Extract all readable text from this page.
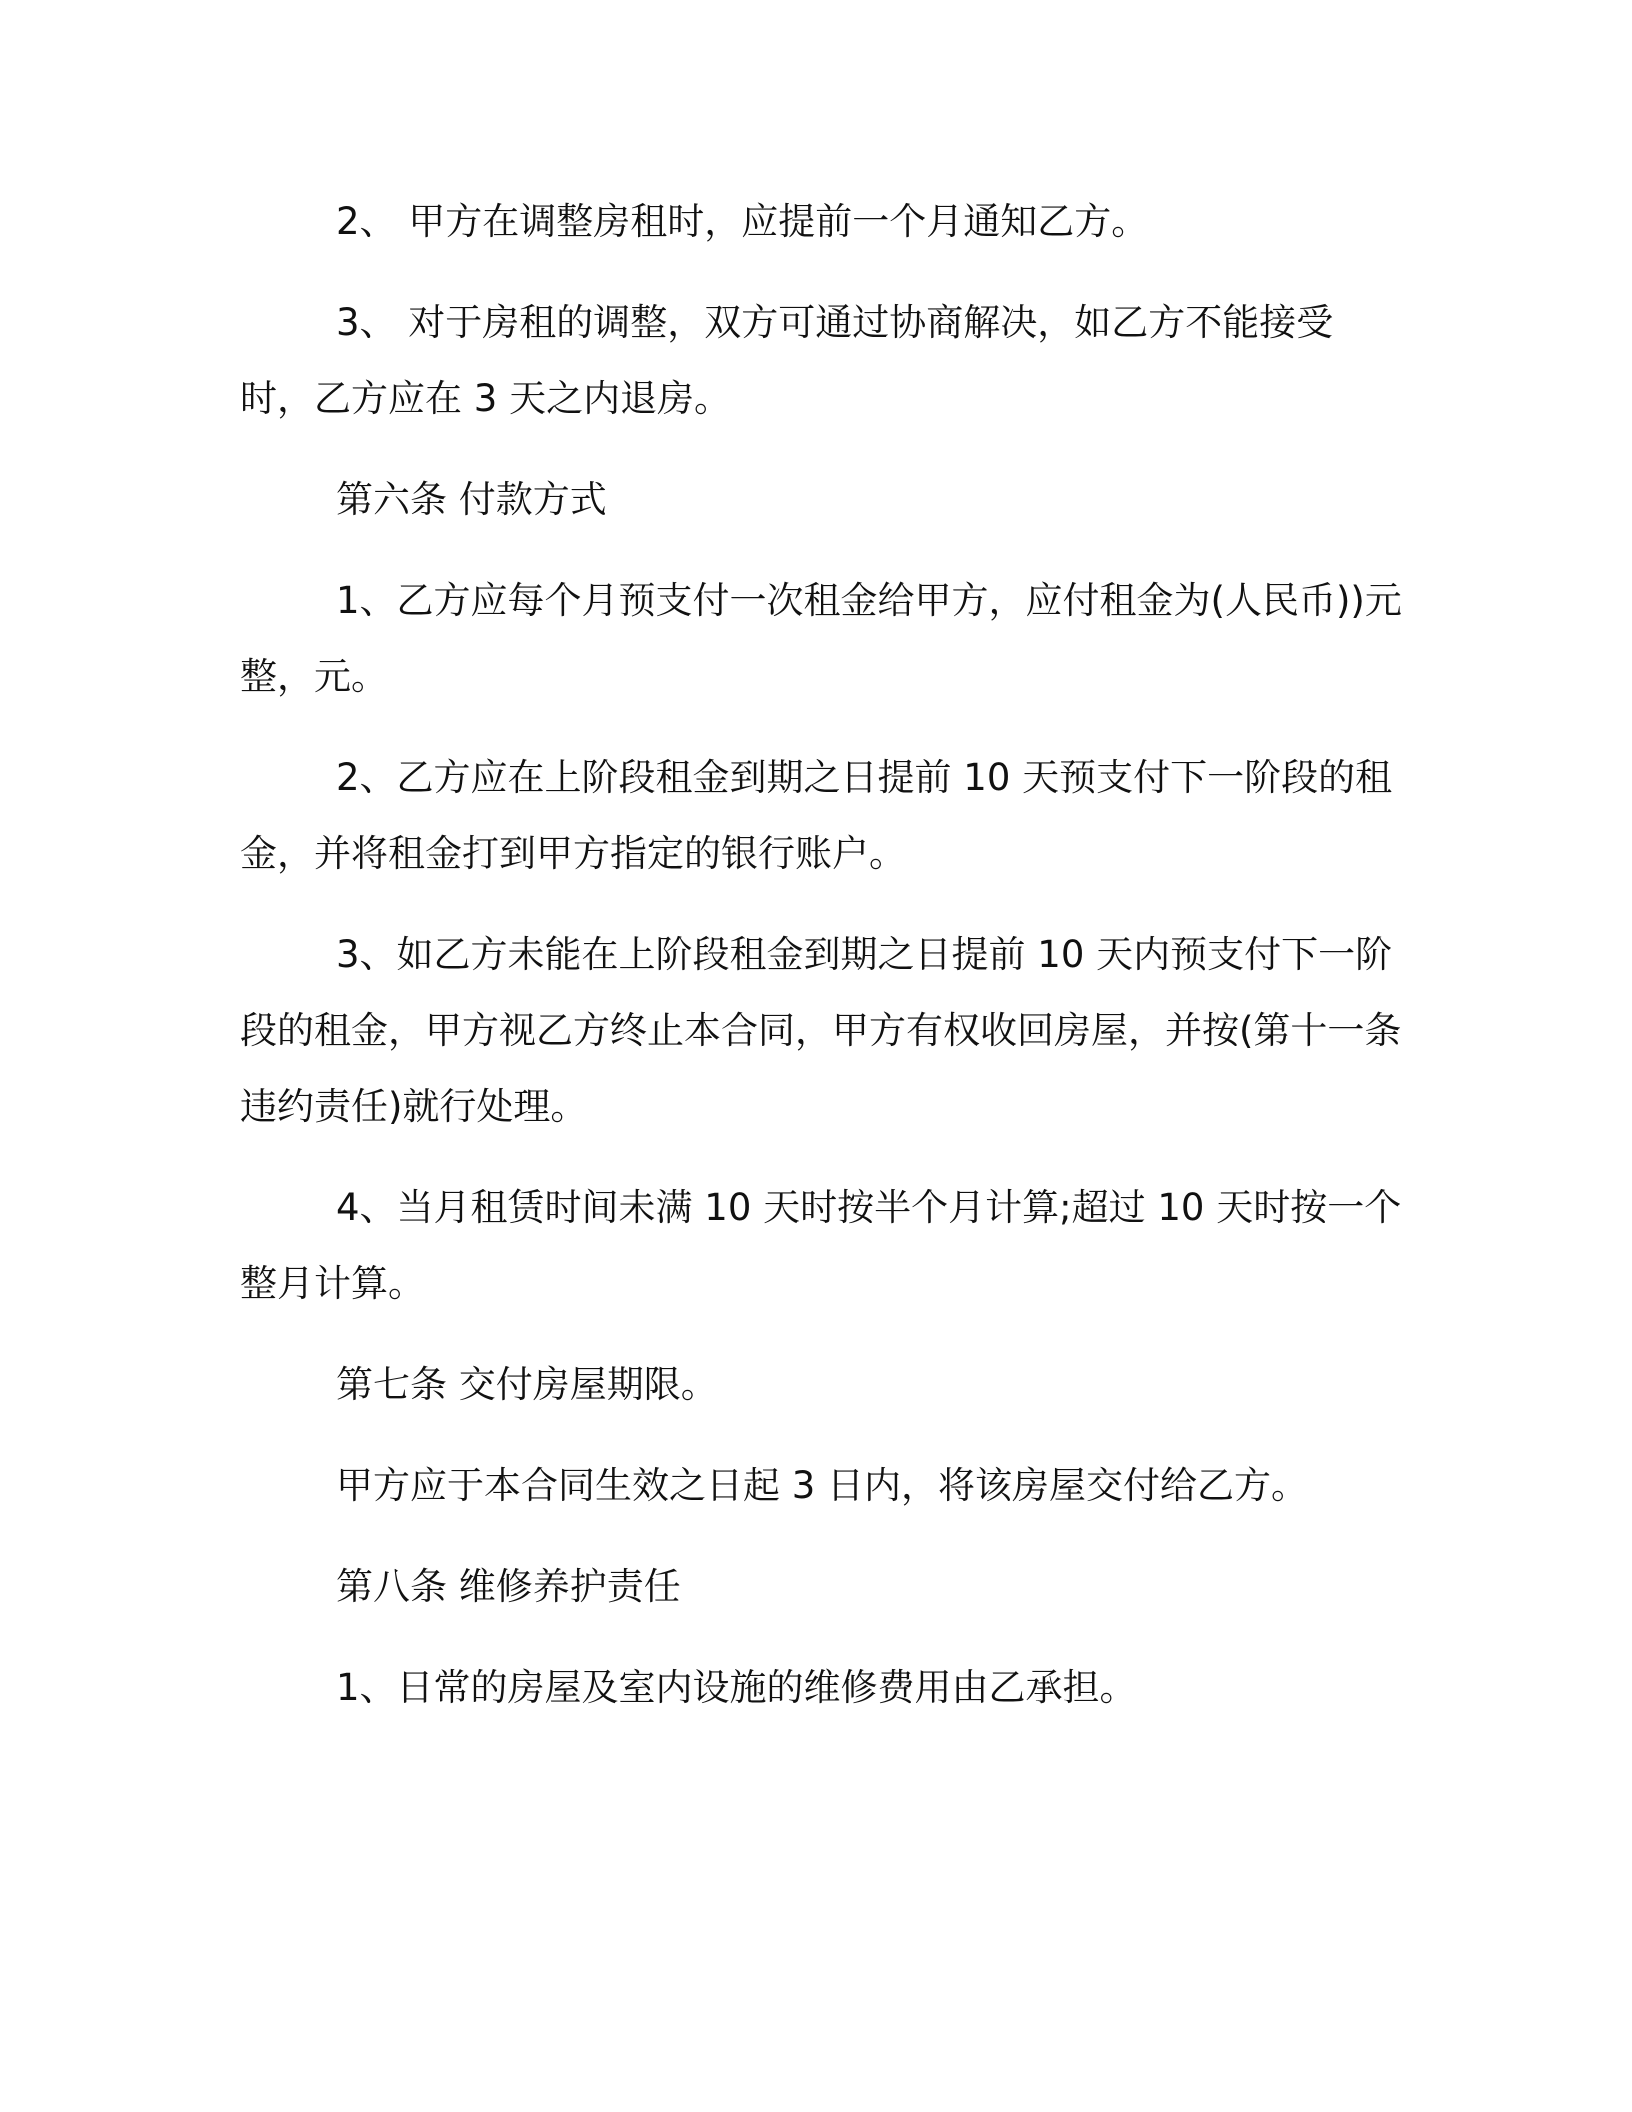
2、 甲方在调整房租时，应提前一个月通知乙方。

3、 对于房租的调整，双方可通过协商解决，如乙方不能接受时，乙方应在 3 天之内退房。

第六条 付款方式

1、乙方应每个月预支付一次租金给甲方，应付租金为(人民币))元整，元。

2、乙方应在上阶段租金到期之日提前 10 天预支付下一阶段的租金，并将租金打到甲方指定的银行账户。

3、如乙方未能在上阶段租金到期之日提前 10 天内预支付下一阶段的租金，甲方视乙方终止本合同，甲方有权收回房屋，并按(第十一条 违约责任)就行处理。

4、当月租赁时间未满 10 天时按半个月计算;超过 10 天时按一个整月计算。

第七条 交付房屋期限。

甲方应于本合同生效之日起 3 日内，将该房屋交付给乙方。

第八条 维修养护责任

1、日常的房屋及室内设施的维修费用由乙承担。
